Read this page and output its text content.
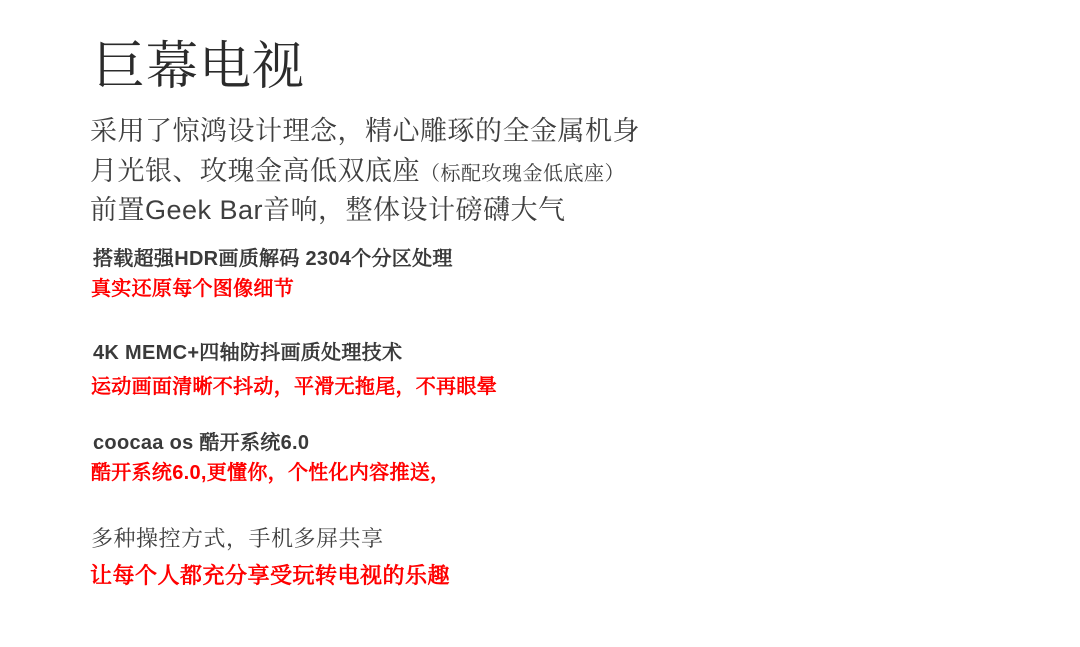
巨幕电视
采用了惊鸿设计理念，精心雕琢的全金属机身
月光银、玫瑰金高低双底座（标配玫瑰金低底座）
前置Geek Bar音响，整体设计磅礴大气
搭载超强HDR画质解码 2304个分区处理
真实还原每个图像细节
4K MEMC+四轴防抖画质处理技术
运动画面清晰不抖动，平滑无拖尾，不再眼晕
coocaa os 酷开系统6.0
酷开系统6.0,更懂你，个性化内容推送，
多种操控方式，手机多屏共享
让每个人都充分享受玩转电视的乐趣
